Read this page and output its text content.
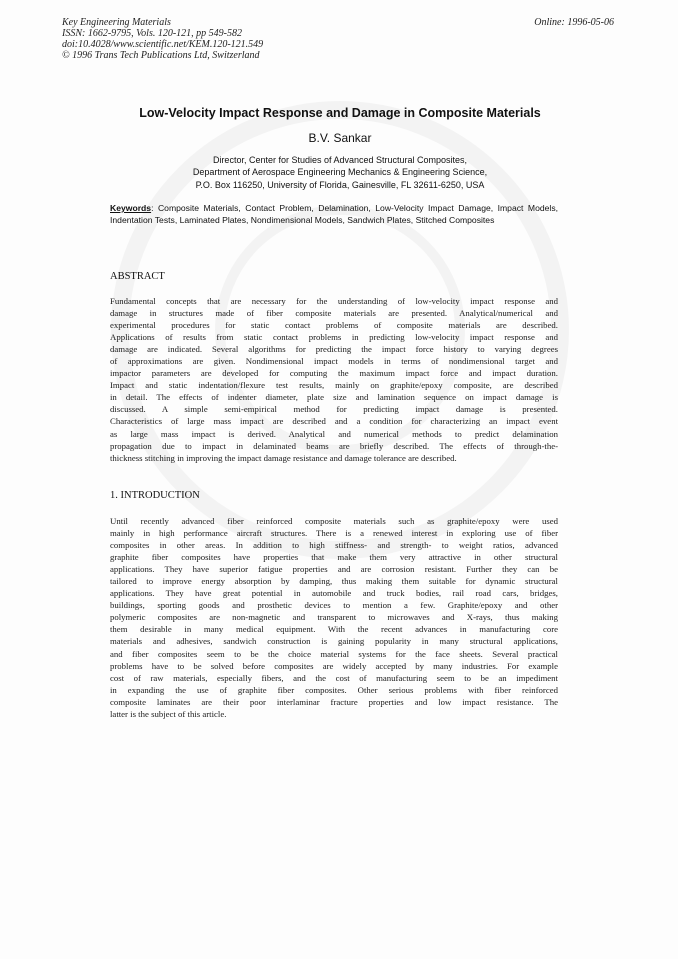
Key Engineering Materials
ISSN: 1662-9795, Vols. 120-121, pp 549-582
doi:10.4028/www.scientific.net/KEM.120-121.549
© 1996 Trans Tech Publications Ltd, Switzerland
Online: 1996-05-06
Low-Velocity Impact Response and Damage in Composite Materials
B.V. Sankar
Director, Center for Studies of Advanced Structural Composites,
Department of Aerospace Engineering Mechanics & Engineering Science,
P.O. Box 116250, University of Florida, Gainesville, FL 32611-6250, USA
Keywords: Composite Materials, Contact Problem, Delamination, Low-Velocity Impact Damage, Impact Models, Indentation Tests, Laminated Plates, Nondimensional Models, Sandwich Plates, Stitched Composites
ABSTRACT
Fundamental concepts that are necessary for the understanding of low-velocity impact response and
damage in structures made of fiber composite materials are presented. Analytical/numerical and
experimental procedures for static contact problems of composite materials are described.
Applications of results from static contact problems in predicting low-velocity impact response and
damage are indicated. Several algorithms for predicting the impact force history to varying degrees
of approximations are given. Nondimensional impact models in terms of nondimensional target and
impactor parameters are developed for computing the maximum impact force and impact duration.
Impact and static indentation/flexure test results, mainly on graphite/epoxy composite, are described
in detail. The effects of indenter diameter, plate size and lamination sequence on impact damage is
discussed. A simple semi-empirical method for predicting impact damage is presented.
Characteristics of large mass impact are described and a condition for characterizing an impact event
as large mass impact is derived. Analytical and numerical methods to predict delamination
propagation due to impact in delaminated beams are briefly described. The effects of through-the-
thickness stitching in improving the impact damage resistance and damage tolerance are described.
1. INTRODUCTION
Until recently advanced fiber reinforced composite materials such as graphite/epoxy were used
mainly in high performance aircraft structures. There is a renewed interest in exploring use of fiber
composites in other areas. In addition to high stiffness- and strength- to weight ratios, advanced
graphite fiber composites have properties that make them very attractive in other structural
applications. They have superior fatigue properties and are corrosion resistant. Further they can be
tailored to improve energy absorption by damping, thus making them suitable for dynamic structural
applications. They have great potential in automobile and truck bodies, rail road cars, bridges,
buildings, sporting goods and prosthetic devices to mention a few. Graphite/epoxy and other
polymeric composites are non-magnetic and transparent to microwaves and X-rays, thus making
them desirable in many medical equipment. With the recent advances in manufacturing core
materials and adhesives, sandwich construction is gaining popularity in many structural applications,
and fiber composites seem to be the choice material systems for the face sheets. Several practical
problems have to be solved before composites are widely accepted by many industries. For example
cost of raw materials, especially fibers, and the cost of manufacturing seem to be an impediment
in expanding the use of graphite fiber composites. Other serious problems with fiber reinforced
composite laminates are their poor interlaminar fracture properties and low impact resistance. The
latter is the subject of this article.
